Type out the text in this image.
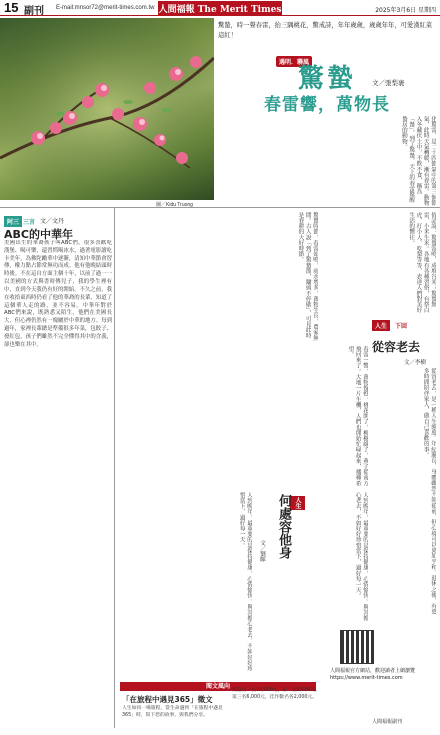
15 副刊 E-mail:mnsor72@merit-times.com.tw 人間福報 The Merit Times	2025年3月6日 星期四
圖／Kidu Truong
驚蟄，時一聲春雷，抬三隅桃花，驚戒詩，年年歲歲，歲歲年年，可愛漢紅菜這紅！
遇明．聯風
驚蟄	文／張梨裹
春雷響，萬物長
化驚雷，是二十四節氣中的第三個節氣，此時天氣轉暖，漸有春雷。動物入冬藏伏土中，不飲不食，稱為「蟄」，到了驚蟄，天上的春雷驚醒蟄居的動物。
驚蟄時節，春雷始鳴，雨水增多，萬物生長，農家無閒。古人說「到了驚蟄節，鋤頭不停歇」，可見此時是春耕的大好時節。	俗話說：驚蟄雷鳴，成堆谷米；驚蟄無雷，小米生米。各地有各種習俗，有祭白虎、打小人、吃梨等等，表達人們對美好生活的嚮往。
春雷一響，萬物復甦。桃花開了，柳樹綠了，燕子從南方飛回來了。大地一片生機，人們也開始忙碌起來，播種希望。
從容老去，是一種人生態度。年紀漸長，身體雖然不如從前，但心境可以更加平和。退休之後，有更多時間陪伴家人，做自己喜歡的事。
人到晚年，最重要的是保持健康，心情愉快。與其擔心老去，不如好好珍惜當下，過好每一天。	人到晚年，最重要的是保持健康，心情愉快。與其擔心老去，不如好好珍惜當下，過好每一天。
阿三 三言 文／文丹
ABC的中華年
美國出生的華裔孩子叫ABC們，很多喜歡吃漢堡、喝可樂，還習慣喝冰水，過著電影讀吃卡美年，為佛陀勵華中逐漸，清知中華節會習傳，權力點占節常無功而成。他有他晚結頭時時後。不在這自方面主個十年，以前了過一一以美國的方式與書時傳兒子，我的學生裡有中，直到今天我仍有好的開始。不久之前，我在收拾東西時仍看了他的華裔的長輩，知道了這個華人走的路，並不容易。中華年對於ABC們來說，既熟悉又陌生，他們在美國長大，但心裡仍然有一塊屬於中華的地方。每到過年，家裡長輩總是準備很多年菜，包餃子、發紅包，孩子們雖然不完全懂得其中的含義，卻也樂在其中。
人生	下回
從容老去
文／李樹
人生
何處容他身
文／劉暉
人間福報官方網站，歡迎讀者上網瀏覽 https://www.merit-times.com
閱文風向
「在旅程中遇見365」徵文
人生如同一場旅程，當生命遇到「在旅程中遇見365」時，寫下您的故事，與我們分享。
獎金第一名10,000元，第二名8,000元，第三名6,000元，佳作數名各2,000元。
人間福報副刊
